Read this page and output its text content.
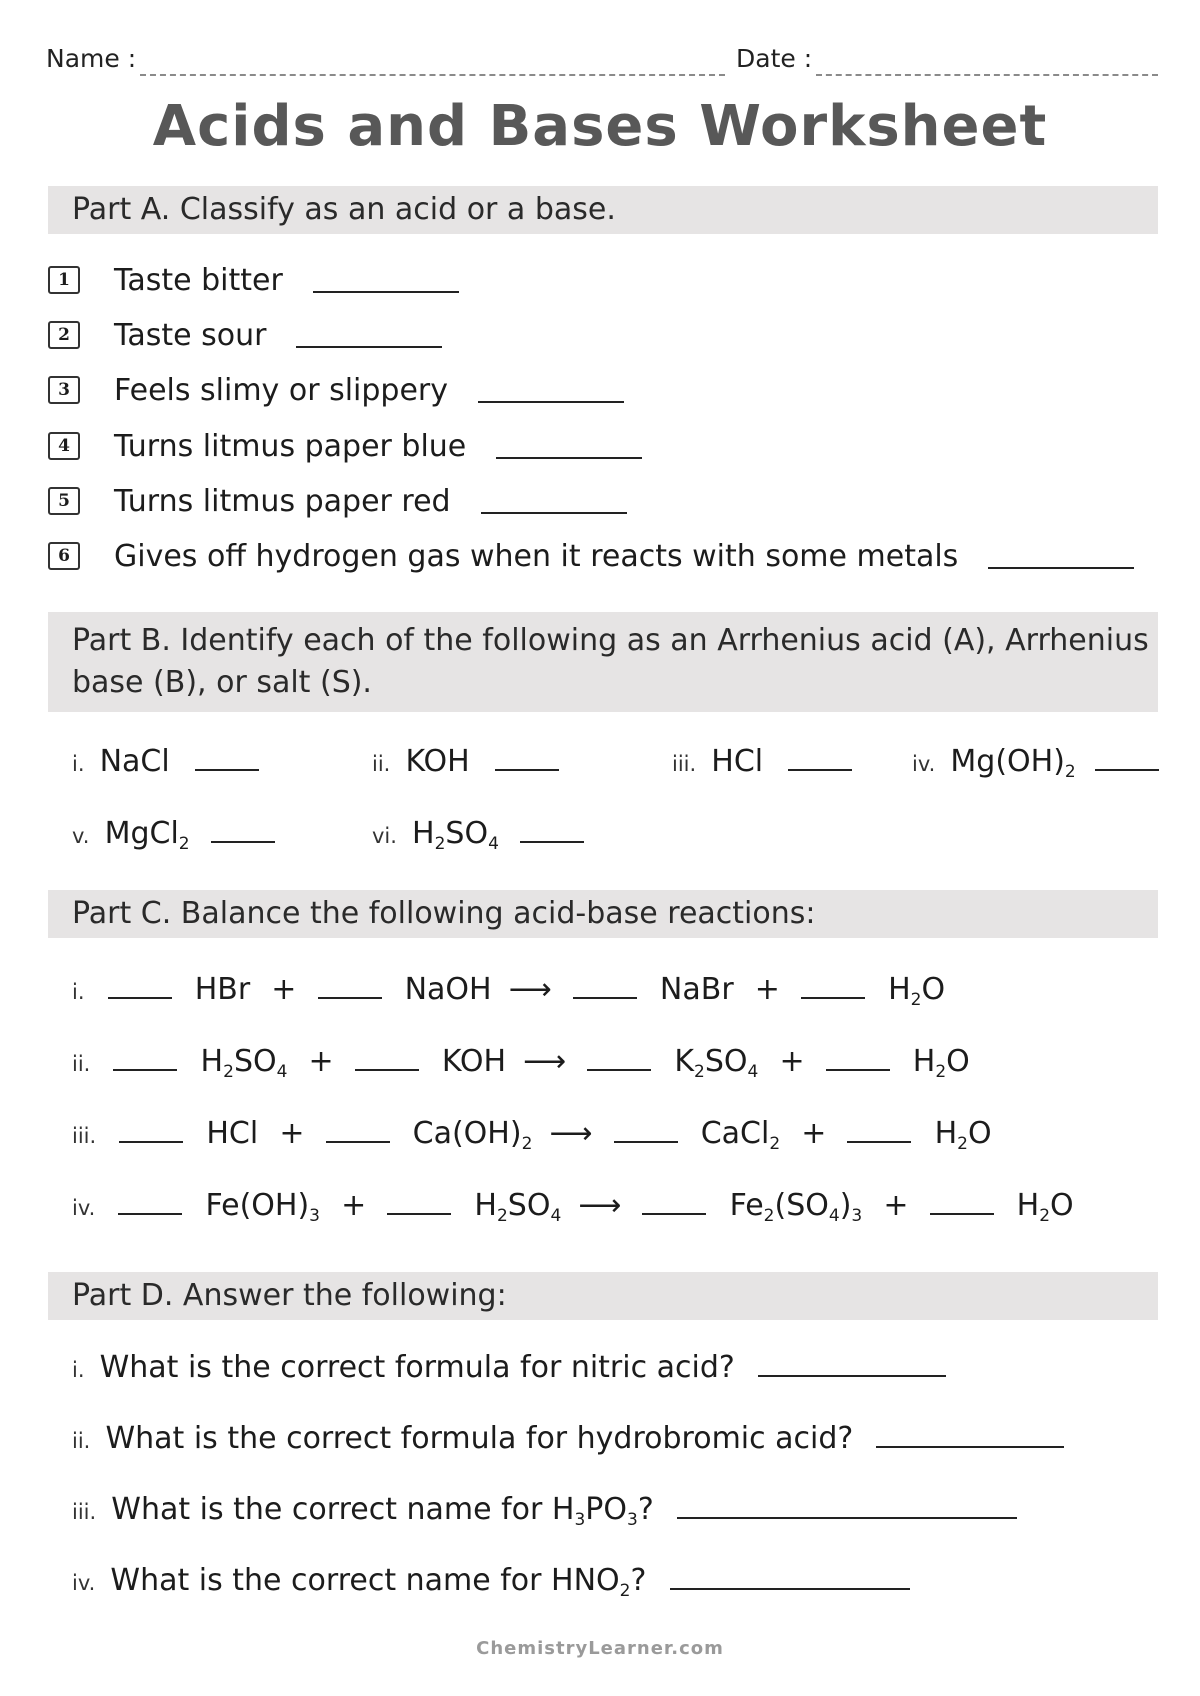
Name :	Date :
Acids and Bases Worksheet
Part A. Classify as an acid or a base.
1	Taste bitter
2	Taste sour
3	Feels slimy or slippery
4	Turns litmus paper blue
5	Turns litmus paper red
6	Gives off hydrogen gas when it reacts with some metals
Part B. Identify each of the following as an Arrhenius acid (A), Arrhenius
base (B), or salt (S).
i. NaCl	ii. KOH	iii. HCl	iv. $Mg(OH)_2$
v. MgCl$_2$	vi. $H_2SO_4$
Part C. Balance the following acid-base reactions:
i.	HBr +	NaOH ⟶	NaBr +	$H_2O$
ii.	$H_2SO_4$ +	KOH ⟶	$K_2SO_4$ +	$H_2O$
iii.	HCl +	$Ca(OH)_2$ ⟶	CaCl$_2$ +	$H_2O$
iv.	$Fe(OH)_3$ +	$H_2SO_4$ ⟶	$Fe_2(SO_4)_3$ +	$H_2O$
Part D. Answer the following:
i. What is the correct formula for nitric acid?
ii. What is the correct formula for hydrobromic acid?
iii. What is the correct name for $H_3PO_3$?
iv. What is the correct name for $HNO_2$?
ChemistryLearner.com
